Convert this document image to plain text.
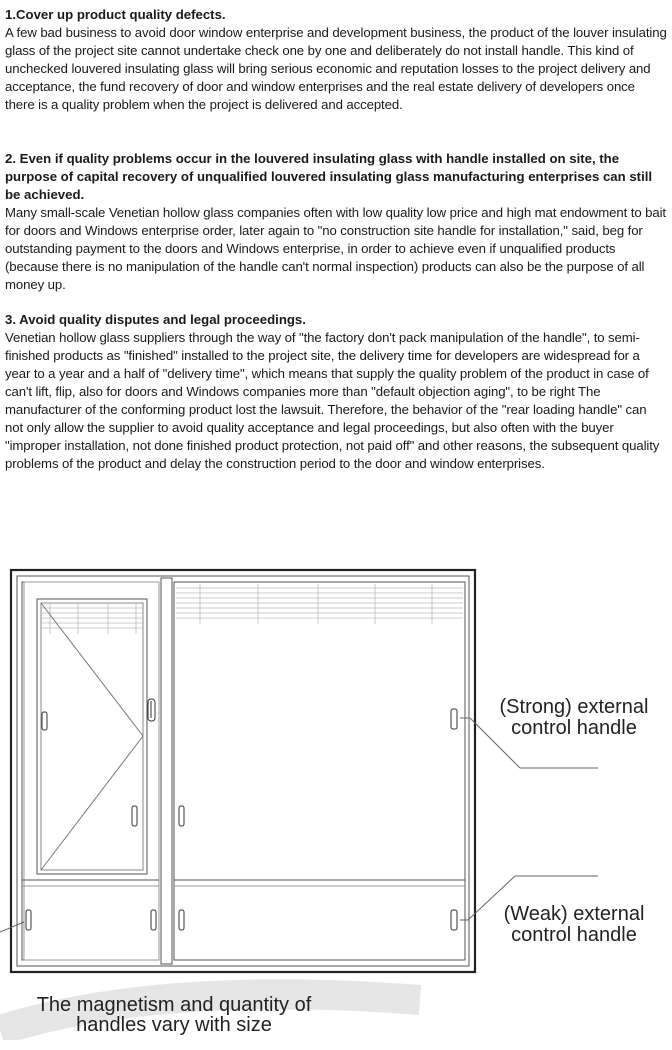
1.Cover up product quality defects.

A few bad business to avoid door window enterprise and development business, the product of the louver insulating glass of the project site cannot undertake check one by one and deliberately do not install handle. This kind of unchecked louvered insulating glass will bring serious economic and reputation losses to the project delivery and acceptance, the fund recovery of door and window enterprises and the real estate delivery of developers once there is a quality problem when the project is delivered and accepted.

2. Even if quality problems occur in the louvered insulating glass with handle installed on site, the purpose of capital recovery of unqualified louvered insulating glass manufacturing enterprises can still be achieved.

Many small-scale Venetian hollow glass companies often with low quality low price and high mat endowment to bait for doors and Windows enterprise order, later again to "no construction site handle for installation," said, beg for outstanding payment to the doors and Windows enterprise, in order to achieve even if unqualified products (because there is no manipulation of the handle can't normal inspection) products can also be the purpose of all money up.

3. Avoid quality disputes and legal proceedings.

Venetian hollow glass suppliers through the way of "the factory don't pack manipulation of the handle", to semi-finished products as "finished" installed to the project site, the delivery time for developers are widespread for a year to a year and a half of "delivery time", which means that supply the quality problem of the product in case of can't lift, flip, also for doors and Windows companies more than "default objection aging", to be right The manufacturer of the conforming product lost the lawsuit. Therefore, the behavior of the "rear loading handle" can not only allow the supplier to avoid quality acceptance and legal proceedings, but also often with the buyer "improper installation, not done finished product protection, not paid off" and other reasons, the subsequent quality problems of the product and delay the construction period to the door and window enterprises.

(Strong) external control handle
(Weak) external control handle
The magnetism and quantity of handles vary with size
